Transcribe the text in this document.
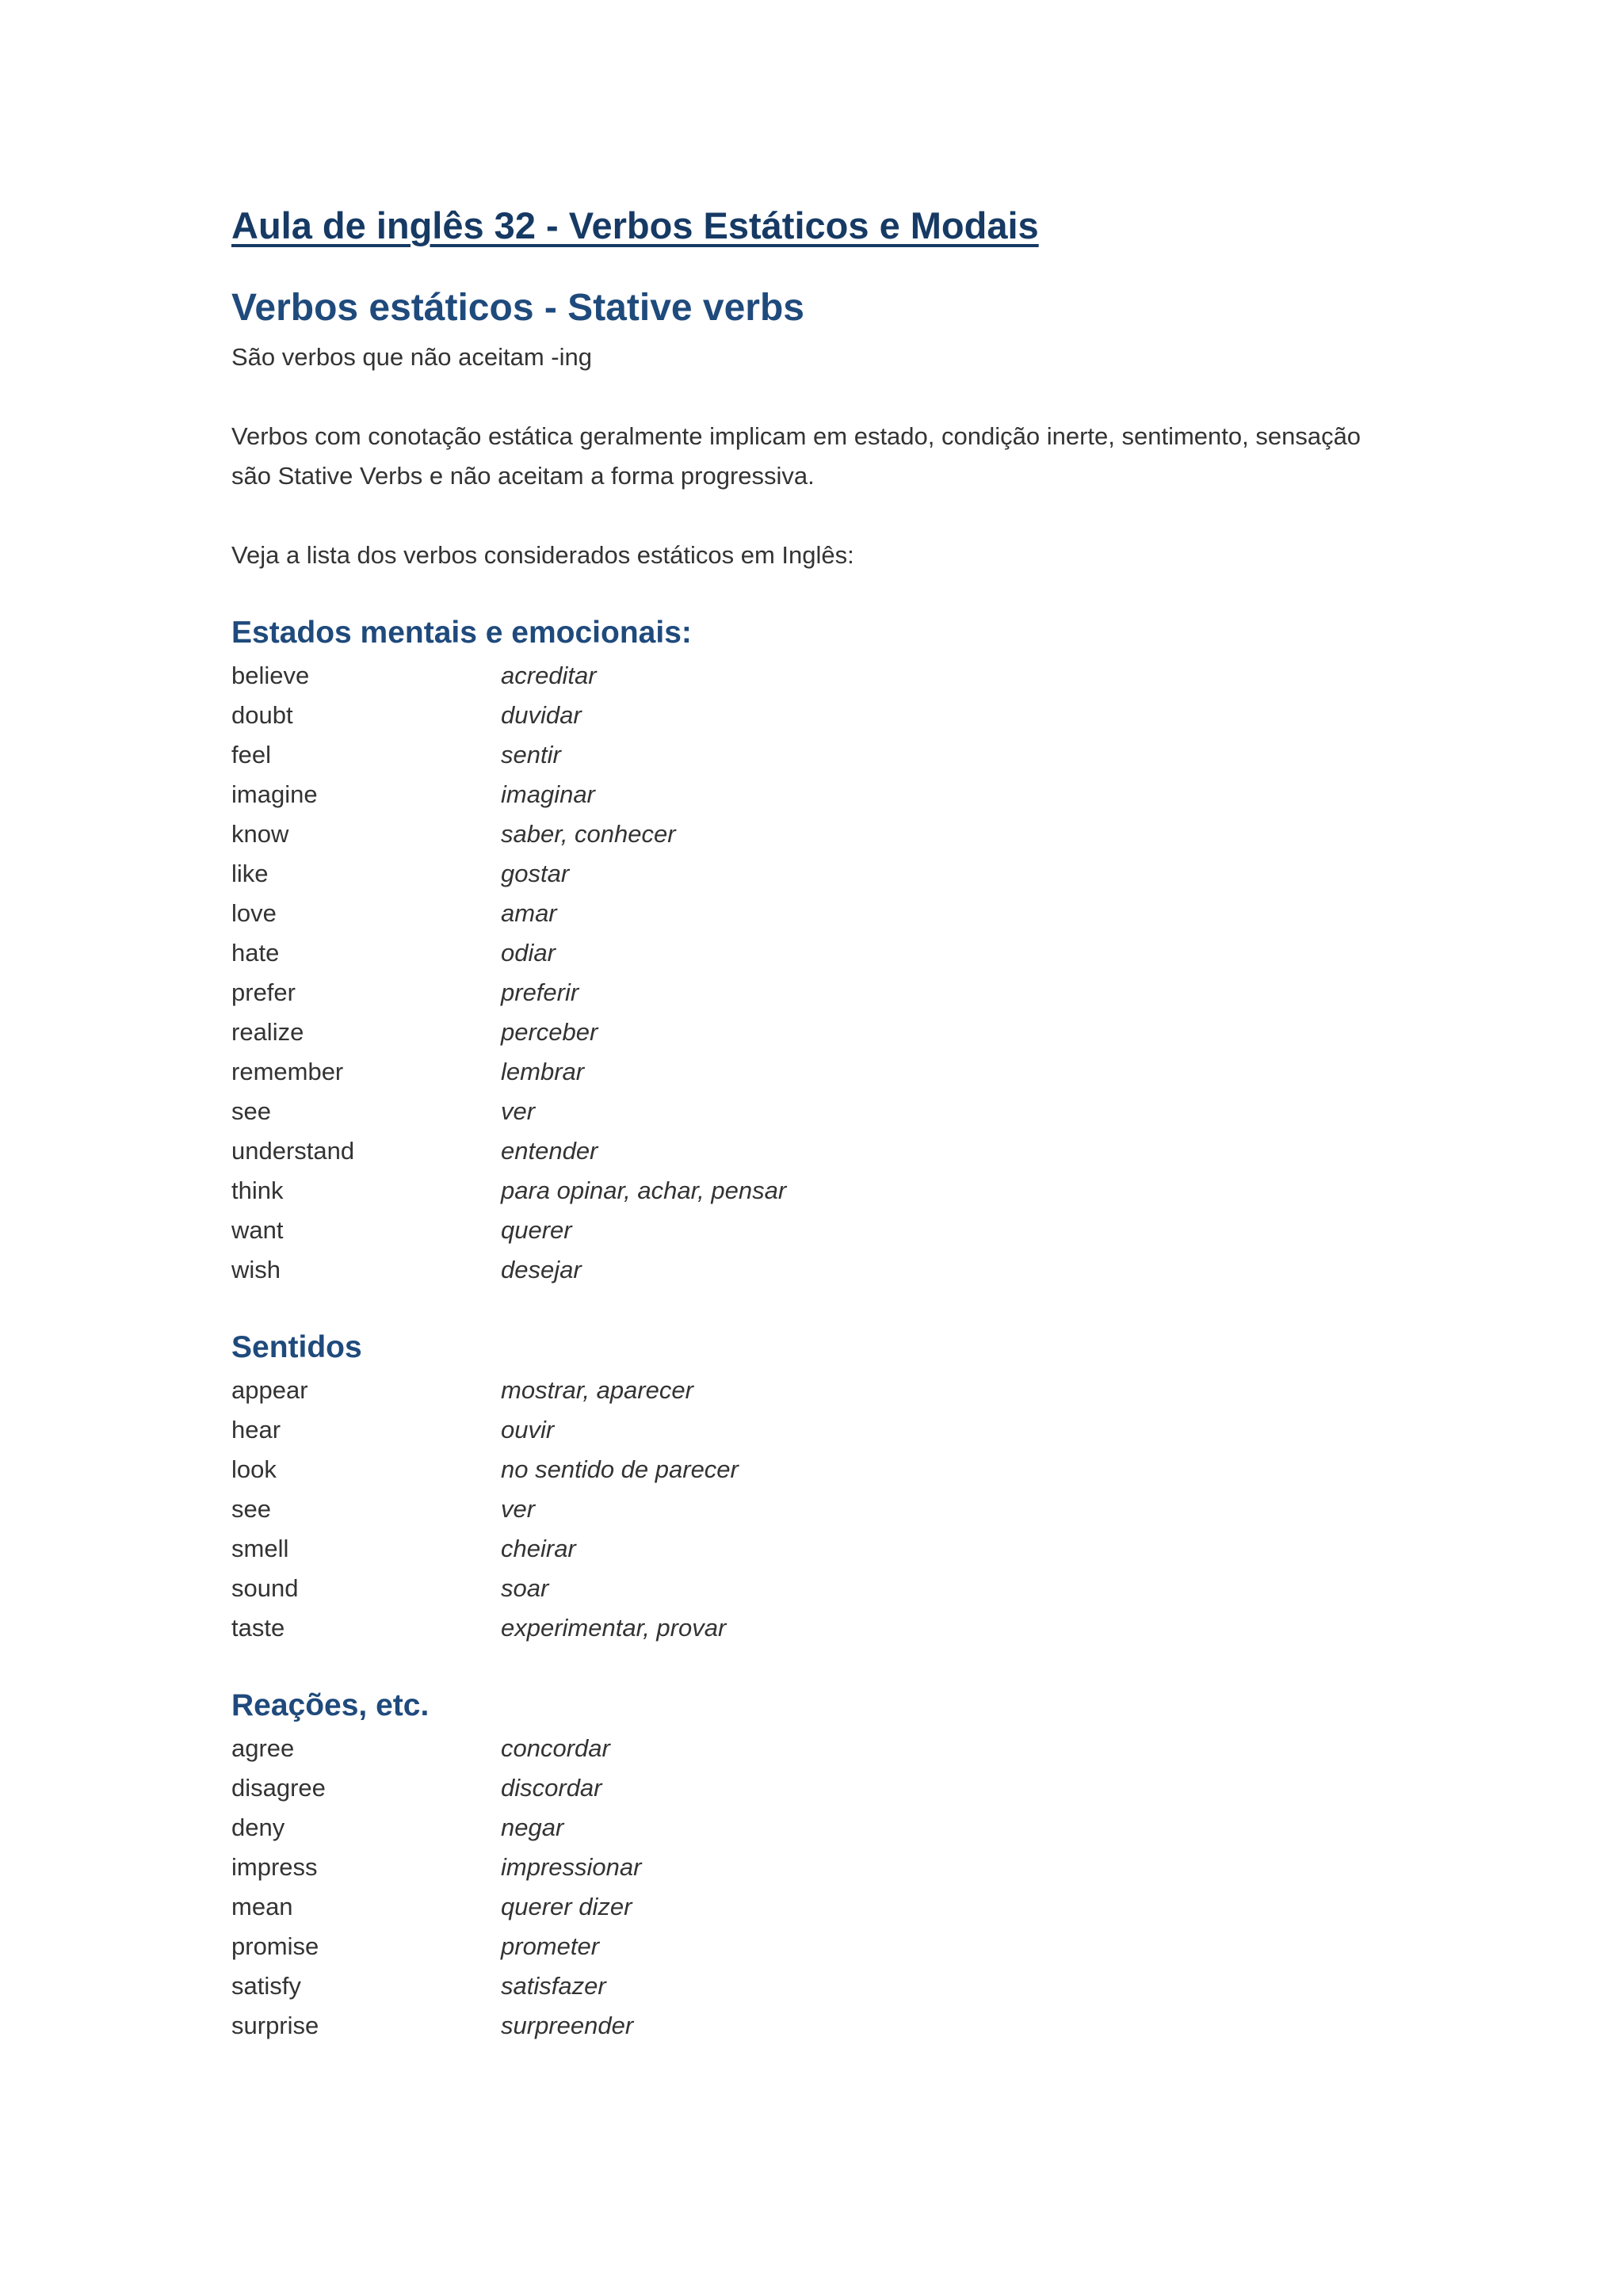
Aula de inglês 32 - Verbos Estáticos e Modais
Verbos estáticos - Stative verbs

São verbos que não aceitam -ing

Verbos com conotação estática geralmente implicam em estado, condição inerte, sentimento, sensação

são Stative Verbs e não aceitam a forma progressiva.

Veja a lista dos verbos considerados estáticos em Inglês:

Estados mentais e emocionais:
believe	acreditar
doubt	duvidar
feel	sentir
imagine	imaginar
know	saber, conhecer
like	gostar
love	amar
hate	odiar
prefer	preferir
realize	perceber
remember	lembrar
see	ver
understand	entender
think	para opinar, achar, pensar
want	querer
wish	desejar
Sentidos
appear	mostrar, aparecer
hear	ouvir
look	no sentido de parecer
see	ver
smell	cheirar
sound	soar
taste	experimentar, provar
Reações, etc.
agree	concordar
disagree	discordar
deny	negar
impress	impressionar
mean	querer dizer
promise	prometer
satisfy	satisfazer
surprise	surpreender
